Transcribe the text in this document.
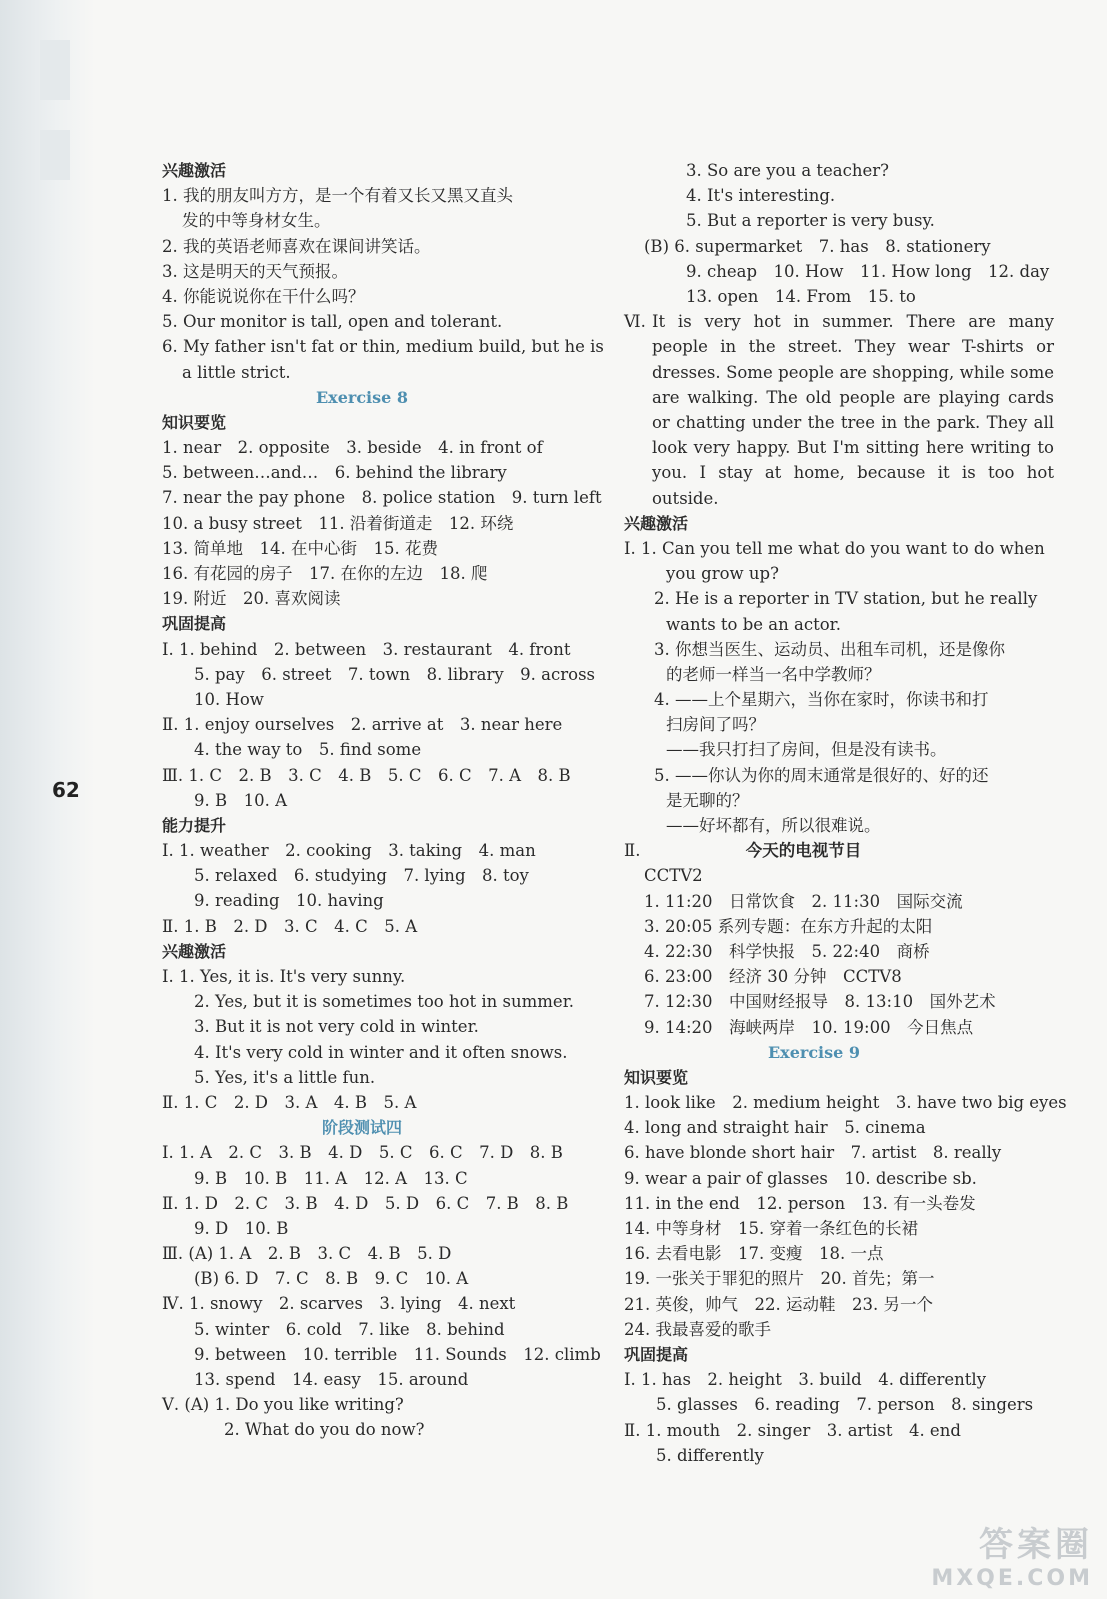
62
兴趣激活
1. 我的朋友叫方方，是一个有着又长又黑又直头
发的中等身材女生。
2. 我的英语老师喜欢在课间讲笑话。
3. 这是明天的天气预报。
4. 你能说说你在干什么吗？
5. Our monitor is tall, open and tolerant.
6. My father isn't fat or thin, medium build, but he is
a little strict.
Exercise 8
知识要览
1. near　2. opposite　3. beside　4. in front of
5. between…and…　6. behind the library
7. near the pay phone　8. police station　9. turn left
10. a busy street　11. 沿着街道走　12. 环绕
13. 简单地　14. 在中心街　15. 花费
16. 有花园的房子　17. 在你的左边　18. 爬
19. 附近　20. 喜欢阅读
巩固提高
Ⅰ. 1. behind　2. between　3. restaurant　4. front
5. pay　6. street　7. town　8. library　9. across
10. How
Ⅱ. 1. enjoy ourselves　2. arrive at　3. near here
4. the way to　5. find some
Ⅲ. 1. C　2. B　3. C　4. B　5. C　6. C　7. A　8. B
9. B　10. A
能力提升
Ⅰ. 1. weather　2. cooking　3. taking　4. man
5. relaxed　6. studying　7. lying　8. toy
9. reading　10. having
Ⅱ. 1. B　2. D　3. C　4. C　5. A
兴趣激活
Ⅰ. 1. Yes, it is. It's very sunny.
2. Yes, but it is sometimes too hot in summer.
3. But it is not very cold in winter.
4. It's very cold in winter and it often snows.
5. Yes, it's a little fun.
Ⅱ. 1. C　2. D　3. A　4. B　5. A
阶段测试四
Ⅰ. 1. A　2. C　3. B　4. D　5. C　6. C　7. D　8. B
9. B　10. B　11. A　12. A　13. C
Ⅱ. 1. D　2. C　3. B　4. D　5. D　6. C　7. B　8. B
9. D　10. B
Ⅲ. (A) 1. A　2. B　3. C　4. B　5. D
(B) 6. D　7. C　8. B　9. C　10. A
Ⅳ. 1. snowy　2. scarves　3. lying　4. next
5. winter　6. cold　7. like　8. behind
9. between　10. terrible　11. Sounds　12. climb
13. spend　14. easy　15. around
Ⅴ. (A) 1. Do you like writing?
2. What do you do now?
3. So are you a teacher?
4. It's interesting.
5. But a reporter is very busy.
(B) 6. supermarket　7. has　8. stationery
9. cheap　10. How　11. How long　12. day
13. open　14. From　15. to
Ⅵ. It is very hot in summer. There are many people in the street. They wear T-shirts or dresses. Some people are shopping, while some are walking. The old people are playing cards or chatting under the tree in the park. They all look very happy. But I'm sitting here writing to you. I stay at home, because it is too hot outside.
兴趣激活
Ⅰ. 1. Can you tell me what do you want to do when
you grow up?
2. He is a reporter in TV station, but he really
wants to be an actor.
3. 你想当医生、运动员、出租车司机，还是像你
的老师一样当一名中学教师？
4. ——上个星期六，当你在家时，你读书和打
扫房间了吗？
——我只打扫了房间，但是没有读书。
5. ——你认为你的周末通常是很好的、好的还
是无聊的？
——好坏都有，所以很难说。
Ⅱ.	今天的电视节目
CCTV2
1. 11:20　日常饮食　2. 11:30　国际交流
3. 20:05 系列专题：在东方升起的太阳
4. 22:30　科学快报　5. 22:40　商桥
6. 23:00　经济 30 分钟　CCTV8
7. 12:30　中国财经报导　8. 13:10　国外艺术
9. 14:20　海峡两岸　10. 19:00　今日焦点
Exercise 9
知识要览
1. look like　2. medium height　3. have two big eyes
4. long and straight hair　5. cinema
6. have blonde short hair　7. artist　8. really
9. wear a pair of glasses　10. describe sb.
11. in the end　12. person　13. 有一头卷发
14. 中等身材　15. 穿着一条红色的长裙
16. 去看电影　17. 变瘦　18. 一点
19. 一张关于罪犯的照片　20. 首先；第一
21. 英俊，帅气　22. 运动鞋　23. 另一个
24. 我最喜爱的歌手
巩固提高
Ⅰ. 1. has　2. height　3. build　4. differently
5. glasses　6. reading　7. person　8. singers
Ⅱ. 1. mouth　2. singer　3. artist　4. end
5. differently
答案圈
MXQE.COM
